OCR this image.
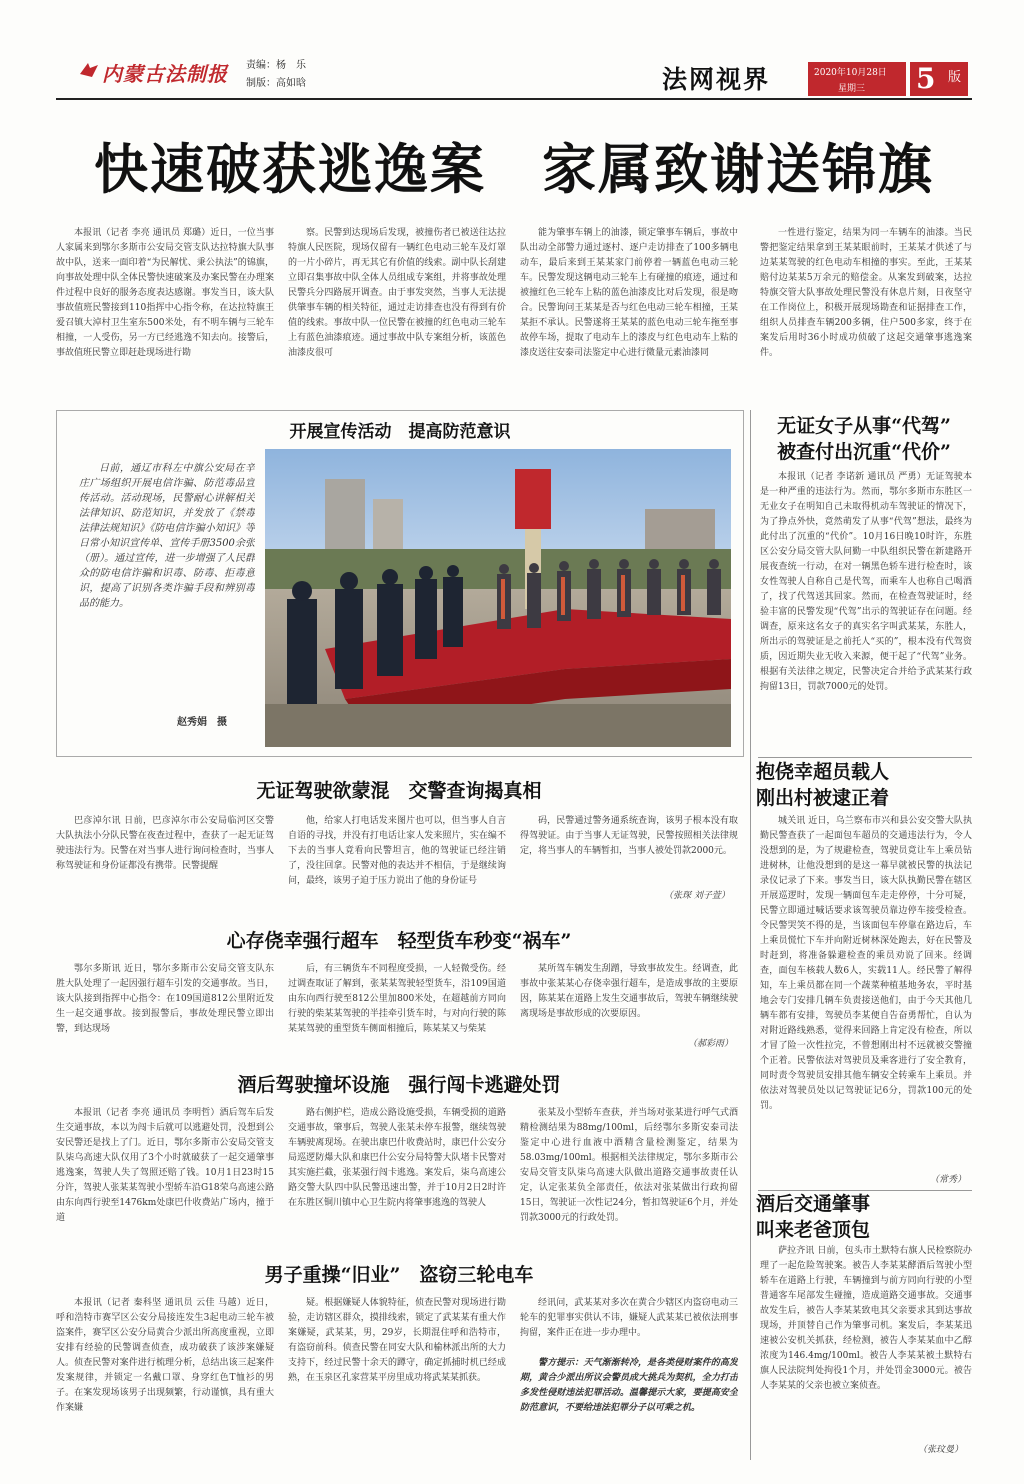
内蒙古法制报 责编：杨　乐
制版：高如晗	法网视界	2020年10月28日
星期三 5 版
快速破获逃逸案　家属致谢送锦旗
本报讯（记者 李亮 通讯员 郑璐）近日，一位当事人家属来到鄂尔多斯市公安局交管支队达拉特旗大队事故中队，送来一面印着“为民解忧、秉公执法”的锦旗，向事故处理中队全体民警快速破案及办案民警在办理案件过程中良好的服务态度表达感谢。事发当日，该大队事故值班民警接到110指挥中心指令称，在达拉特旗王爱召镇大淖村卫生室东500米处，有不明车辆与三轮车相撞，一人受伤，另一方已经逃逸不知去向。接警后，事故值班民警立即赶赴现场进行勘
察。民警到达现场后发现，被撞伤者已被送往达拉特旗人民医院，现场仅留有一辆红色电动三轮车及灯罩的一片小碎片，再无其它有价值的线索。副中队长刮建立即召集事故中队全体人员组成专案组，并将事故处理民警兵分四路展开调查。由于事发突然，当事人无法提供肇事车辆的相关特征，通过走访排查也没有得到有价值的线索。事故中队一位民警在被撞的红色电动三轮车上有蓝色油漆痕迹。通过事故中队专案组分析，该蓝色油漆皮很可
能为肇事车辆上的油漆，锁定肇事车辆后，事故中队出动全部警力通过逐村、逐户走访排查了100多辆电动车，最后来到王某某家门前停着一辆蓝色电动三轮车。民警发现这辆电动三轮车上有碰撞的痕迹，通过和被撞红色三轮车上粘的蓝色油漆皮比对后发现，很是吻合。民警询问王某某是否与红色电动三轮车相撞，王某某拒不承认。民警遂将王某某的蓝色电动三轮车拖至事故停车场，提取了电动车上的漆皮与红色电动车上粘的漆皮送往安泰司法鉴定中心进行微量元素油漆同
一性进行鉴定，结果为同一车辆车的油漆。当民警把鉴定结果拿到王某某眼前时，王某某才供述了与边某某驾驶的红色电动车相撞的事实。至此，王某某赔付边某某5万余元的赔偿金。从案发到破案，达拉特旗交管大队事故处理民警没有休息片刻，日夜坚守在工作岗位上，积极开展现场勘查和证据排查工作，组织人员排查车辆200多辆，住户500多家，终于在案发后用时36小时成功侦破了这起交通肇事逃逸案件。
开展宣传活动　提高防范意识
日前，通辽市科左中旗公安局在辛庄广场组织开展电信诈骗、防范毒品宣传活动。活动现场，民警耐心讲解相关法律知识、防范知识，并发放了《禁毒法律法规知识》《防电信诈骗小知识》等日常小知识宣传单、宣传手册3500余张（册）。通过宣传，进一步增强了人民群众的防电信诈骗和识毒、防毒、拒毒意识，提高了识别各类诈骗手段和辨别毒品的能力。
赵秀娟　摄
无证女子从事“代驾”
被查付出沉重“代价”
本报讯（记者 李诺新 通讯员 严勇）无证驾驶本是一种严重的违法行为。然而，鄂尔多斯市东胜区一无业女子在明知自己未取得机动车驾驶证的情况下，为了挣点外快，竟然萌发了从事“代驾”想法，最终为此付出了沉重的“代价”。10月16日晚10时许，东胜区公安分局交管大队问勤一中队组织民警在新建路开展夜查统一行动，在对一辆黑色轿车进行检查时，该女性驾驶人自称自己是代驾，而乘车人也称自己喝酒了，找了代驾送其回家。然而，在检查驾驶证时，经验丰富的民警发现“代驾”出示的驾驶证存在问题。经调查，原来这名女子的真实名字叫武某某，东胜人，所出示的驾驶证是之前托人“买的”，根本没有代驾资质，因近期失业无收入来源，便干起了“代驾”业务。根据有关法律之规定，民警决定合并给予武某某行政拘留13日，罚款7000元的处罚。
抱侥幸超员载人
刚出村被逮正着
城关讯 近日，乌兰察布市兴和县公安交警大队执勤民警查获了一起面包车超员的交通违法行为，令人没想到的是，为了规避检查，驾驶员竟让车上乘员钻进树林，让他没想到的是这一幕早就被民警的执法记录仪记录了下来。事发当日，该大队执勤民警在辖区开展巡逻时，发现一辆面包车走走停停，十分可疑，民警立即通过喊话要求该驾驶员靠边停车接受检查。令民警哭笑不得的是，当该面包车停靠在路边后，车上乘员慌忙下车并向附近树林深处跑去，好在民警及时赶到，将准备躲避检查的乘员劝说了回来。经调查，面包车核载人数6人，实载11人。经民警了解得知，车上乘员都在同一个蔬菜种植基地务农，平时基地会专门安排几辆车负责接送他们，由于今天其他几辆车都有安排，驾驶员李某便自告奋勇帮忙，自认为对附近路线熟悉，觉得来回路上肯定没有检查，所以才冒了险一次性拉完，不曾想刚出村不远就被交警撞个正着。民警依法对驾驶员及乘客进行了安全教育，同时责令驾驶员安排其他车辆安全转乘车上乘员。并依法对驾驶员处以记驾驶证记6分，罚款100元的处罚。
（常秀）
酒后交通肇事
叫来老爸顶包
萨拉齐讯 日前，包头市土默特右旗人民检察院办理了一起危险驾驶案。被告人李某某酵酒后驾驶小型轿车在道路上行驶，车辆撞到与前方同向行驶的小型普通客车尾部发生碰撞，造成道路交通事故。交通事故发生后，被告人李某某致电其父亲要求其到达事故现场，并顶替自己作为肇事司机。案发后，李某某迅速被公安机关抓获，经检测，被告人李某某血中乙醇浓度为146.4mg/100ml。被告人李某某被土默特右旗人民法院判处拘役1个月，并处罚金3000元。被告人李某某的父亲也被立案侦查。
（张玟曼）
无证驾驶欲蒙混　交警查询揭真相
巴彦淖尔讯 日前，巴彦淖尔市公安局临河区交警大队执法小分队民警在夜查过程中，查获了一起无证驾驶违法行为。民警在对当事人进行询问检查时，当事人称驾驶证和身份证都没有携带。民警提醒
他，给家人打电话发来图片也可以，但当事人自言自语的寻找，并没有打电话让家人发来照片，实在编不下去的当事人竟看向民警坦言，他的驾驶证已经注销了，没往回拿。民警对他的表达并不相信，于是继续询问，最终，该男子迫于压力说出了他的身份证号
码，民警通过警务通系统查询，该男子根本没有取得驾驶证。由于当事人无证驾驶，民警按照相关法律规定，将当事人的车辆暂扣，当事人被处罚款2000元。
（张琛 刘子萱）
心存侥幸强行超车　轻型货车秒变“祸车”
鄂尔多斯讯 近日，鄂尔多斯市公安局交管支队东胜大队处理了一起因强行超车引发的交通事故。当日，该大队接到指挥中心指令：在109国道812公里附近发生一起交通事故。接到报警后，事故处理民警立即出警，到达现场
后，有三辆货车不同程度受损，一人轻微受伤。经过调查取证了解到，张某某驾驶轻型货车，沿109国道由东向西行驶至812公里加800米处，在超越前方同向行驶的柴某某驾驶的半挂牵引货车时，与对向行驶的陈某某驾驶的重型货车侧面相撞后，陈某某又与柴某
某所驾车辆发生刮蹭，导致事故发生。经调查，此事故中张某某心存侥幸强行超车，是造成事故的主要原因，陈某某在道路上发生交通事故后，驾驶车辆继续驶离现场是事故形成的次要原因。
（郝彩雨）
酒后驾驶撞坏设施　强行闯卡逃避处罚
本报讯（记者 李亮 通讯员 李明哲）酒后驾车后发生交通事故，本以为闯卡后就可以逃避处罚，没想到公安民警还是找上了门。近日，鄂尔多斯市公安局交管支队柒乌高速大队仅用了3个小时就破获了一起交通肇事逃逸案，驾驶人失了驾照还赔了钱。10月1日23时15分许，驾驶人张某某驾驶小型轿车沿G18荣乌高速公路由东向西行驶至1476km处康巴什收费站广场内，撞于道
路右侧护栏，造成公路设施受损，车辆受损的道路交通事故，肇事后，驾驶人张某未停车报警，继续驾驶车辆驶离现场。在驶出康巴什收费站时，康巴什公安分局巡逻防爆大队和康巴什公安分局特警大队堵卡民警对其实施拦截，张某强行闯卡逃逸。案发后，柒乌高速公路交警大队四中队民警迅速出警，并于10月2日2时许在东胜区铜川镇中心卫生院内将肇事逃逸的驾驶人
张某及小型轿车查获，并当场对张某进行呼气式酒精检测结果为88mg/100ml，后经鄂尔多斯安泰司法鉴定中心进行血液中酒精含量检测鉴定，结果为58.03mg/100ml。根据相关法律规定，鄂尔多斯市公安局交管支队柒乌高速大队做出道路交通事故责任认定，认定张某负全部责任，依法对张某做出行政拘留15日，驾驶证一次性记24分，暂扣驾驶证6个月，并处罚款3000元的行政处罚。
男子重操“旧业”　盗窃三轮电车
本报讯（记者 秦科坚 通讯员 云佳 马越）近日，呼和浩特市赛罕区公安分局接连发生3起电动三轮车被盗案件，赛罕区公安分局黄合少派出所高度重视，立即安排有经验的民警调查侦查，成功破获了该涉案嫌疑人。侦查民警对案件进行梳理分析，总结出该三起案件发案规律，并锁定一名戴口罩、身穿红色T恤衫的男子。在案发现场该男子出现频繁，行动谨慎，具有重大作案嫌
疑。根据嫌疑人体貌特征，侦查民警对现场进行勘验，走访辖区群众，摸排线索，锁定了武某某有重大作案嫌疑，武某某，男，29岁，长期混住呼和浩特市，有盗窃前科。侦查民警在同安大队和榆林派出所的大力支持下，经过民警十余天的蹲守，确定抓捕时机已经成熟，在玉泉区孔家营某平房里成功将武某某抓获。
经讯问，武某某对多次在黄合少辖区内盗窃电动三轮车的犯罪事实供认不讳，嫌疑人武某某已被依法刑事拘留，案件正在进一步办理中。
警方提示：天气渐渐转冷，是各类侵财案件的高发期，黄合少派出所议会警员成大挑兵为契机，全力打击多发性侵财违法犯罪活动。温馨提示大家，要提高安全防范意识，不要给违法犯罪分子以可乘之机。
